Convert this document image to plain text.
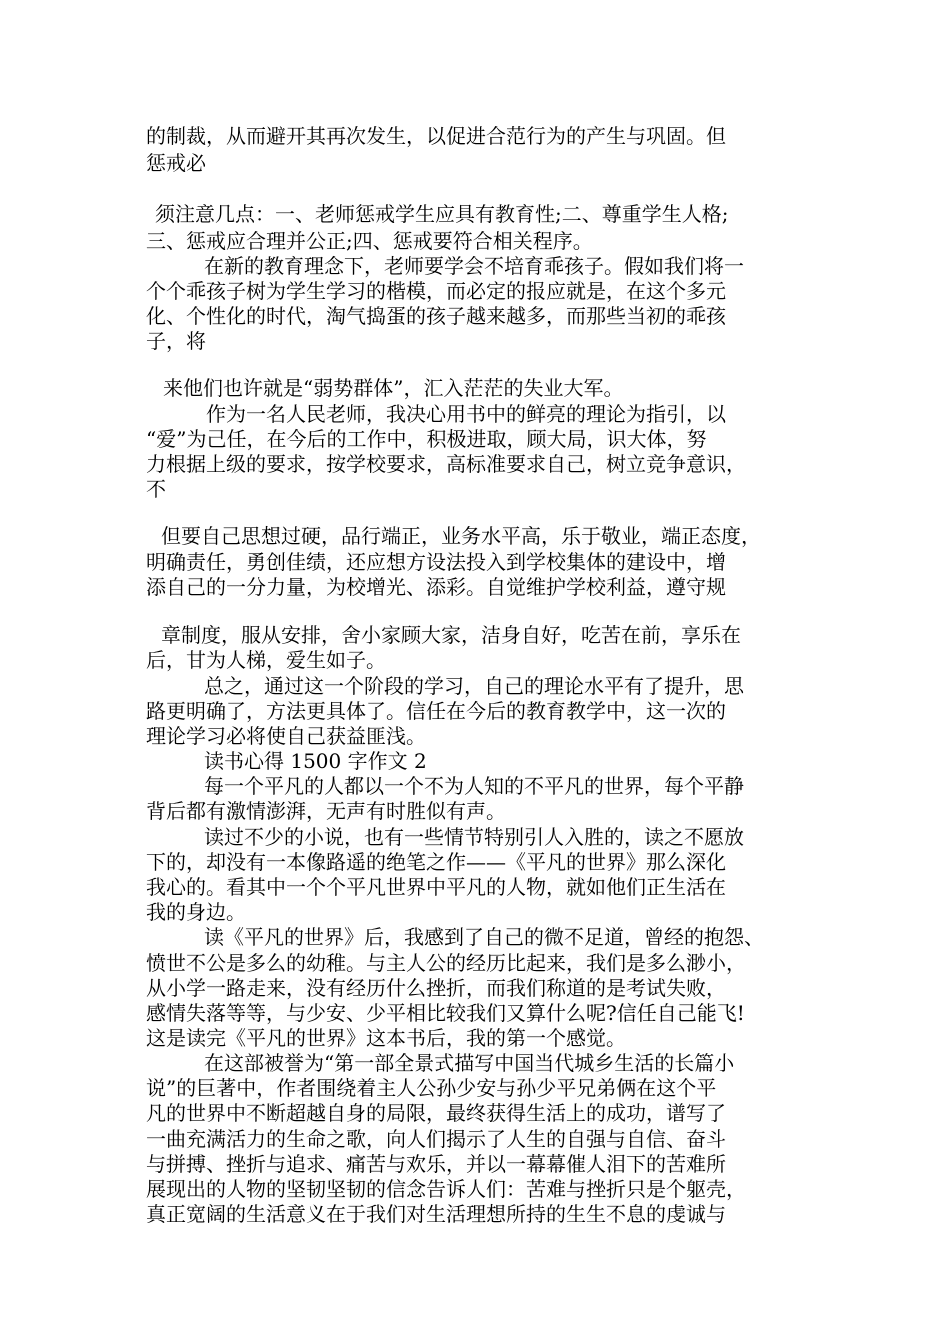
的制裁，从而避开其再次发生，以促进合范行为的产生与巩固。但

惩戒必

须注意几点：一、老师惩戒学生应具有教育性;二、尊重学生人格;

三、惩戒应合理并公正;四、惩戒要符合相关程序。

在新的教育理念下，老师要学会不培育乖孩子。假如我们将一

个个乖孩子树为学生学习的楷模，而必定的报应就是，在这个多元

化、个性化的时代，淘气捣蛋的孩子越来越多，而那些当初的乖孩

子，将

来他们也许就是“弱势群体”，汇入茫茫的失业大军。

作为一名人民老师，我决心用书中的鲜亮的理论为指引，以

“爱”为己任，在今后的工作中，积极进取，顾大局，识大体，努

力根据上级的要求，按学校要求，高标准要求自己，树立竞争意识，

不

但要自己思想过硬，品行端正，业务水平高，乐于敬业，端正态度，

明确责任，勇创佳绩，还应想方设法投入到学校集体的建设中，增

添自己的一分力量，为校增光、添彩。自觉维护学校利益，遵守规

章制度，服从安排，舍小家顾大家，洁身自好，吃苦在前，享乐在

后，甘为人梯，爱生如子。

总之，通过这一个阶段的学习，自己的理论水平有了提升，思

路更明确了，方法更具体了。信任在今后的教育教学中，这一次的

理论学习必将使自己获益匪浅。

读书心得 1500 字作文 2

每一个平凡的人都以一个不为人知的不平凡的世界，每个平静

背后都有激情澎湃，无声有时胜似有声。

读过不少的小说，也有一些情节特别引人入胜的，读之不愿放

下的，却没有一本像路遥的绝笔之作——《平凡的世界》那么深化

我心的。看其中一个个平凡世界中平凡的人物，就如他们正生活在

我的身边。

读《平凡的世界》后，我感到了自己的微不足道，曾经的抱怨、

愤世不公是多么的幼稚。与主人公的经历比起来，我们是多么渺小，

从小学一路走来，没有经历什么挫折，而我们称道的是考试失败，

感情失落等等，与少安、少平相比较我们又算什么呢?信任自己能飞!

这是读完《平凡的世界》这本书后，我的第一个感觉。

在这部被誉为“第一部全景式描写中国当代城乡生活的长篇小

说”的巨著中，作者围绕着主人公孙少安与孙少平兄弟俩在这个平

凡的世界中不断超越自身的局限，最终获得生活上的成功，谱写了

一曲充满活力的生命之歌，向人们揭示了人生的自强与自信、奋斗

与拼搏、挫折与追求、痛苦与欢乐，并以一幕幕催人泪下的苦难所

展现出的人物的坚韧坚韧的信念告诉人们：苦难与挫折只是个躯壳，

真正宽阔的生活意义在于我们对生活理想所持的生生不息的虔诚与
